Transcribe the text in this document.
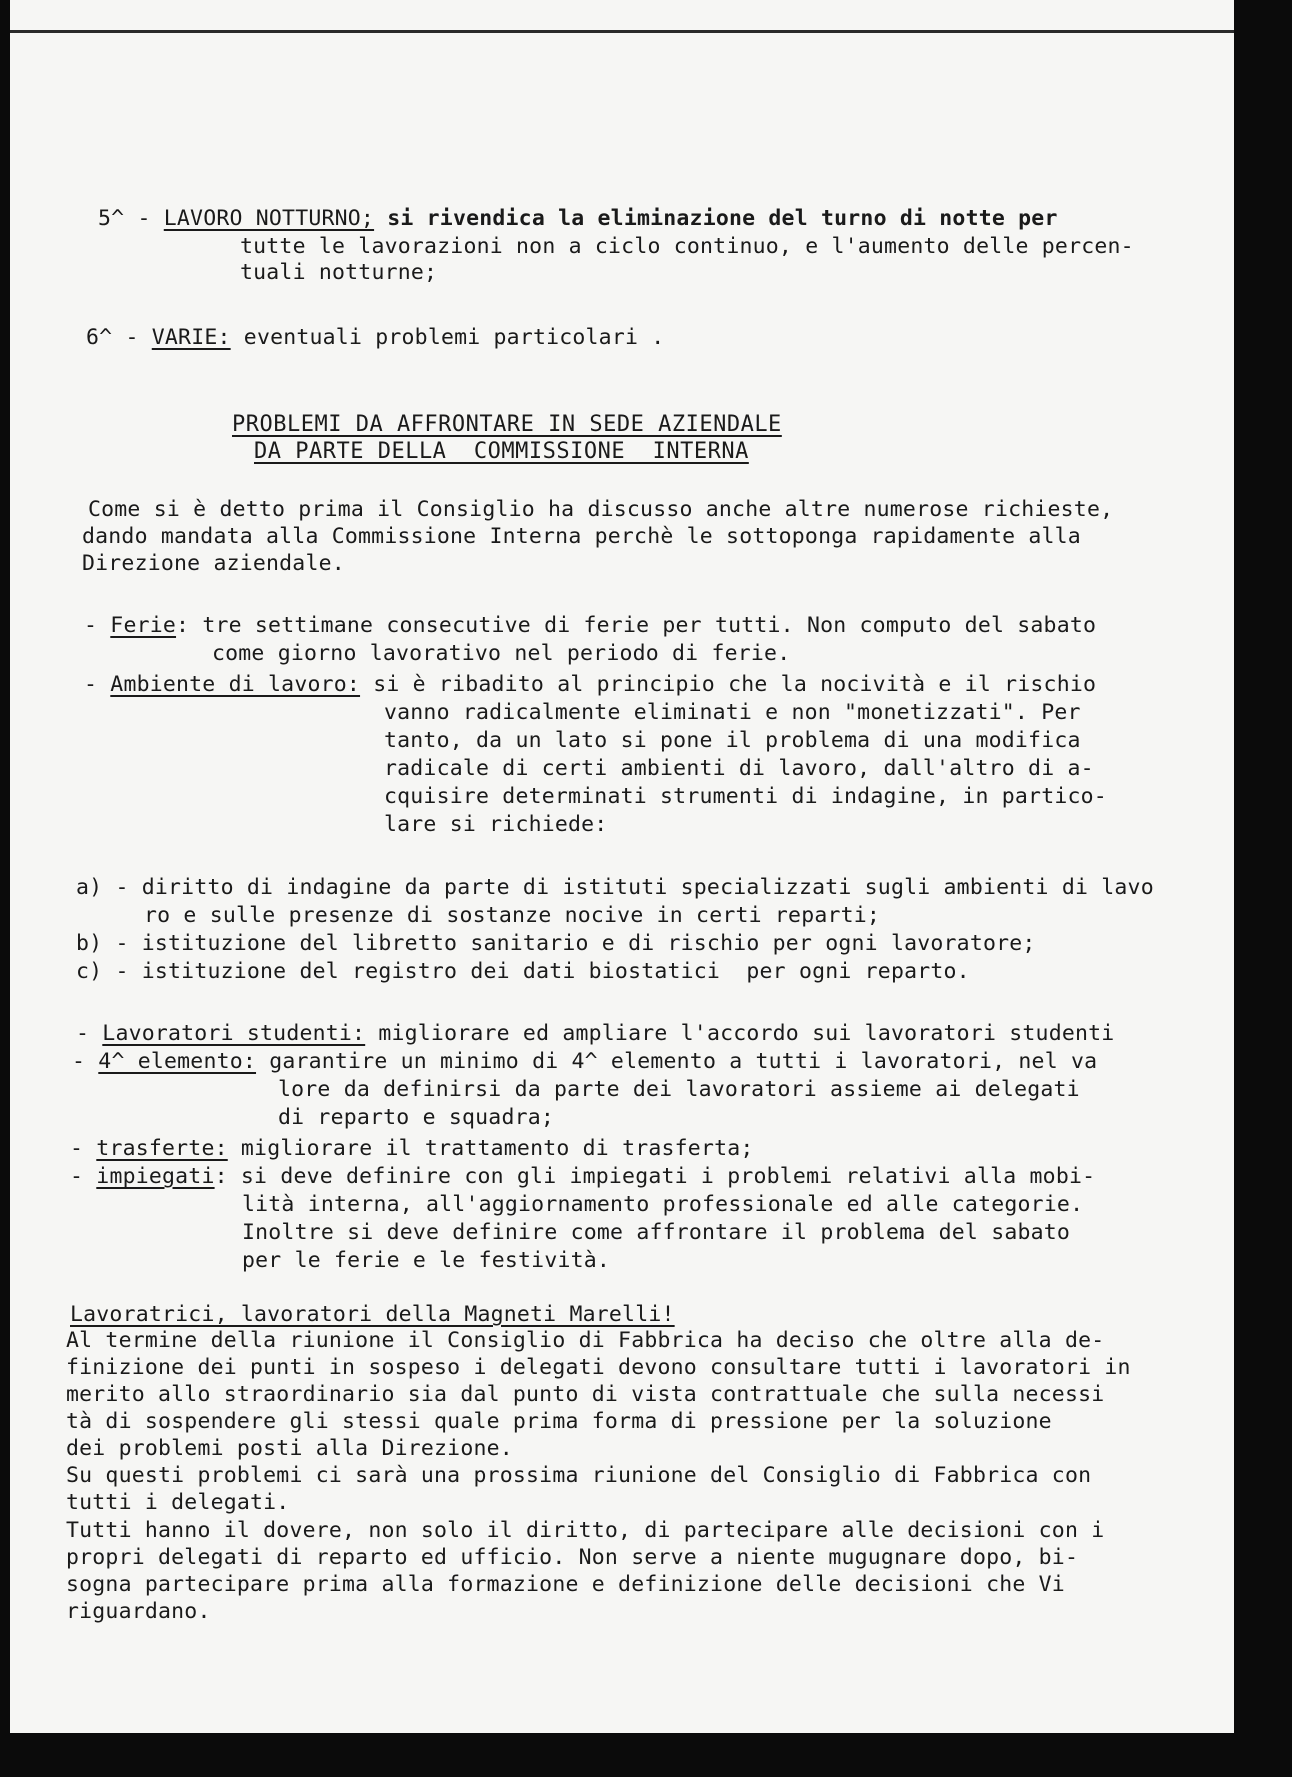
5^ - LAVORO NOTTURNO; si rivendica la eliminazione del turno di notte per
tutte le lavorazioni non a ciclo continuo, e l'aumento delle percen-
tuali notturne;
6^ - VARIE: eventuali problemi particolari .
PROBLEMI DA AFFRONTARE IN SEDE AZIENDALE
DA PARTE DELLA  COMMISSIONE  INTERNA
Come si è detto prima il Consiglio ha discusso anche altre numerose richieste,
dando mandata alla Commissione Interna perchè le sottoponga rapidamente alla
Direzione aziendale.
- Ferie: tre settimane consecutive di ferie per tutti. Non computo del sabato
come giorno lavorativo nel periodo di ferie.
- Ambiente di lavoro: si è ribadito al principio che la nocività e il rischio
vanno radicalmente eliminati e non "monetizzati". Per
tanto, da un lato si pone il problema di una modifica
radicale di certi ambienti di lavoro, dall'altro di a-
cquisire determinati strumenti di indagine, in partico-
lare si richiede:
a) - diritto di indagine da parte di istituti specializzati sugli ambienti di lavo
ro e sulle presenze di sostanze nocive in certi reparti;
b) - istituzione del libretto sanitario e di rischio per ogni lavoratore;
c) - istituzione del registro dei dati biostatici  per ogni reparto.
- Lavoratori studenti: migliorare ed ampliare l'accordo sui lavoratori studenti
- 4^ elemento: garantire un minimo di 4^ elemento a tutti i lavoratori, nel va
lore da definirsi da parte dei lavoratori assieme ai delegati
di reparto e squadra;
- trasferte: migliorare il trattamento di trasferta;
- impiegati: si deve definire con gli impiegati i problemi relativi alla mobi-
lità interna, all'aggiornamento professionale ed alle categorie.
Inoltre si deve definire come affrontare il problema del sabato
per le ferie e le festività.
Lavoratrici, lavoratori della Magneti Marelli!
Al termine della riunione il Consiglio di Fabbrica ha deciso che oltre alla de-
finizione dei punti in sospeso i delegati devono consultare tutti i lavoratori in
merito allo straordinario sia dal punto di vista contrattuale che sulla necessi
tà di sospendere gli stessi quale prima forma di pressione per la soluzione
dei problemi posti alla Direzione.
Su questi problemi ci sarà una prossima riunione del Consiglio di Fabbrica con
tutti i delegati.
Tutti hanno il dovere, non solo il diritto, di partecipare alle decisioni con i
propri delegati di reparto ed ufficio. Non serve a niente mugugnare dopo, bi-
sogna partecipare prima alla formazione e definizione delle decisioni che Vi
riguardano.
